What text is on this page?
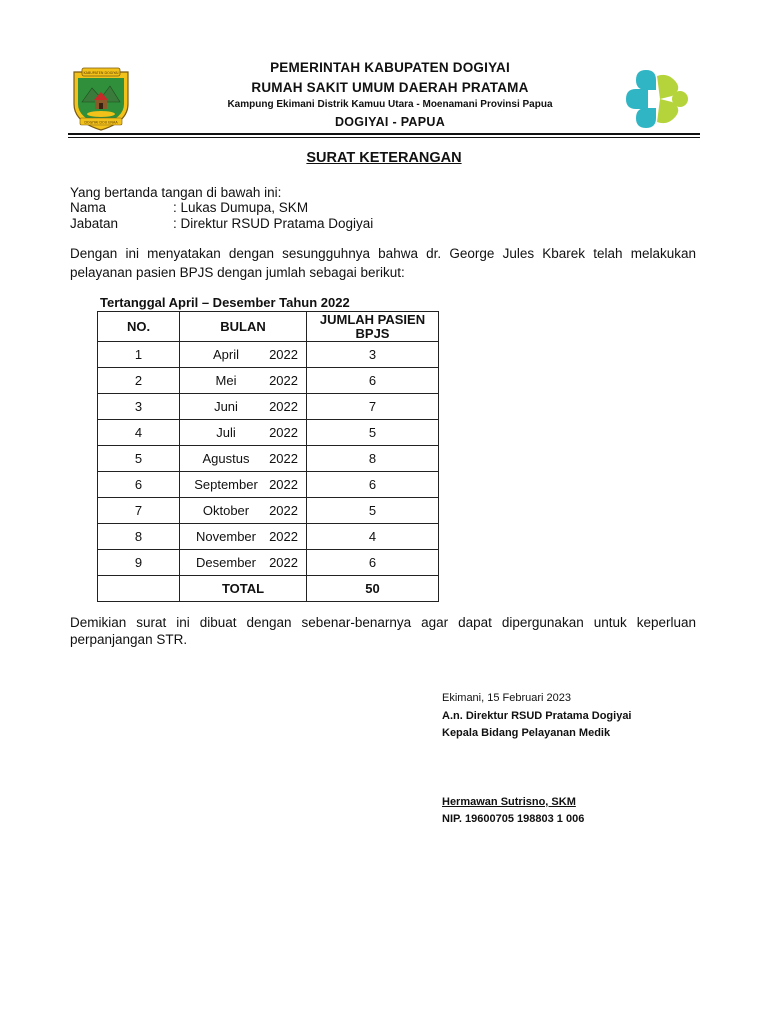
KABUPATEN DOGIYAI
DOGIYAI DOU ENAA
PEMERINTAH KABUPATEN DOGIYAI
RUMAH SAKIT UMUM DAERAH PRATAMA
Kampung Ekimani Distrik Kamuu Utara - Moenamani Provinsi Papua
DOGIYAI - PAPUA
SURAT KETERANGAN
Yang bertanda tangan di bawah ini:
Nama	: Lukas Dumupa, SKM
Jabatan	: Direktur RSUD Pratama Dogiyai
Dengan ini menyatakan dengan sesungguhnya bahwa dr. George Jules Kbarek telah melakukan pelayanan pasien BPJS dengan jumlah sebagai berikut:
Tertanggal April – Desember Tahun 2022
NO.	BULAN	JUMLAH PASIEN BPJS
1	April 2022	3
2	Mei 2022	6
3	Juni 2022	7
4	Juli 2022	5
5	Agustus 2022	8
6	September 2022	6
7	Oktober 2022	5
8	November 2022	4
9	Desember 2022	6
	TOTAL	50
Demikian surat ini dibuat dengan sebenar-benarnya agar dapat dipergunakan untuk keperluan perpanjangan STR.
Ekimani, 15 Februari 2023
A.n. Direktur RSUD Pratama Dogiyai
Kepala Bidang Pelayanan Medik
Hermawan Sutrisno, SKM
NIP. 19600705 198803 1 006
